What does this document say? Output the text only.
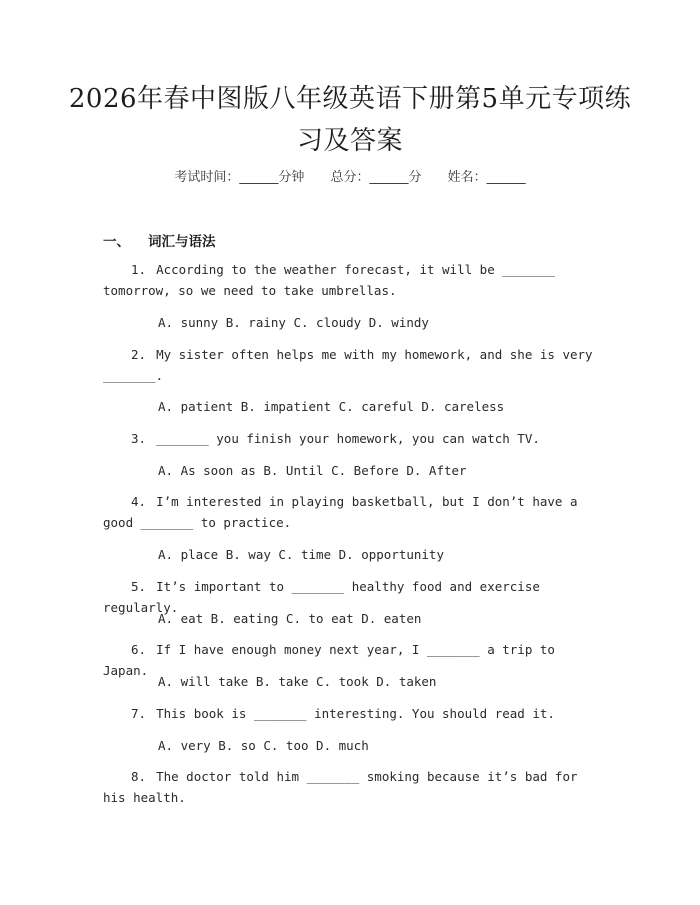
2026年春中图版八年级英语下册第5单元专项练习及答案
考试时间：______分钟 总分：______分 姓名：______
一、 词汇与语法
1. According to the weather forecast, it will be _______ tomorrow, so we need to take umbrellas.
A. sunny B. rainy C. cloudy D. windy
2. My sister often helps me with my homework, and she is very _______.
A. patient B. impatient C. careful D. careless
3. _______ you finish your homework, you can watch TV.
A. As soon as B. Until C. Before D. After
4. I’m interested in playing basketball, but I don’t have a good _______ to practice.
A. place B. way C. time D. opportunity
5. It’s important to _______ healthy food and exercise regularly.
A. eat B. eating C. to eat D. eaten
6. If I have enough money next year, I _______ a trip to Japan.
A. will take B. take C. took D. taken
7. This book is _______ interesting. You should read it.
A. very B. so C. too D. much
8. The doctor told him _______ smoking because it’s bad for his health.
